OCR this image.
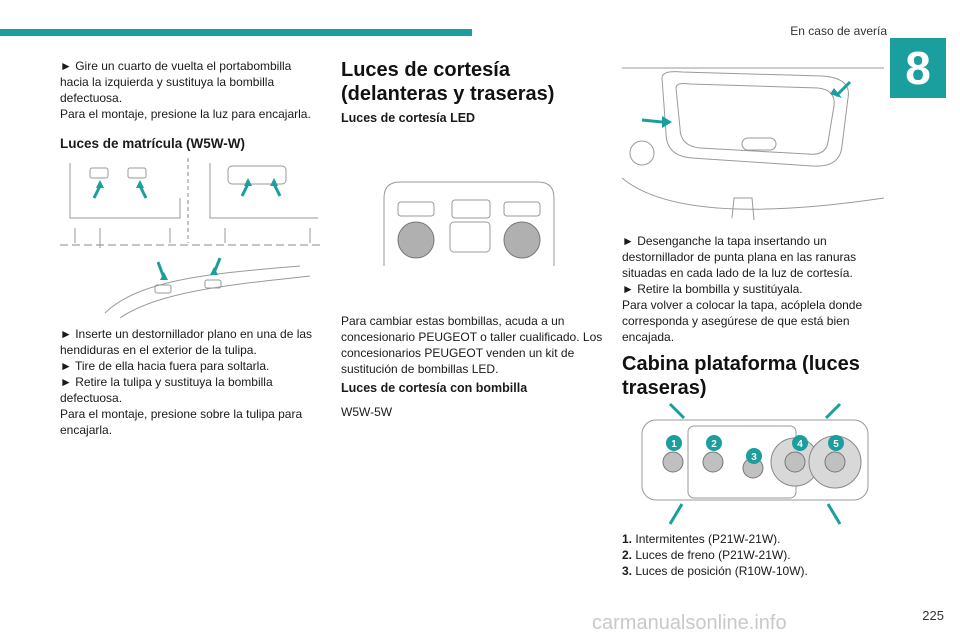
En caso de avería
8

► Gire un cuarto de vuelta el portabombilla hacia la izquierda y sustituya la bombilla defectuosa.

Para el montaje, presione la luz para encajarla.

Luces de matrícula (W5W-W)

► Inserte un destornillador plano en una de las hendiduras en el exterior de la tulipa.

► Tire de ella hacia fuera para soltarla.

► Retire la tulipa y sustituya la bombilla defectuosa.

Para el montaje, presione sobre la tulipa para encajarla.

Luces de cortesía (delanteras y traseras)

Luces de cortesía LED

Para cambiar estas bombillas, acuda a un concesionario PEUGEOT o taller cualificado. Los concesionarios PEUGEOT venden un kit de sustitución de bombillas LED.

Luces de cortesía con bombilla

W5W-5W

► Desenganche la tapa insertando un destornillador de punta plana en las ranuras situadas en cada lado de la luz de cortesía.

► Retire la bombilla y sustitúyala.

Para volver a colocar la tapa, acóplela donde corresponda y asegúrese de que está bien encajada.

Cabina plataforma (luces traseras)

1	2
3
4	5
1. Intermitentes (P21W-21W).
2. Luces de freno (P21W-21W).
3. Luces de posición (R10W-10W).
carmanualsonline.info	225
